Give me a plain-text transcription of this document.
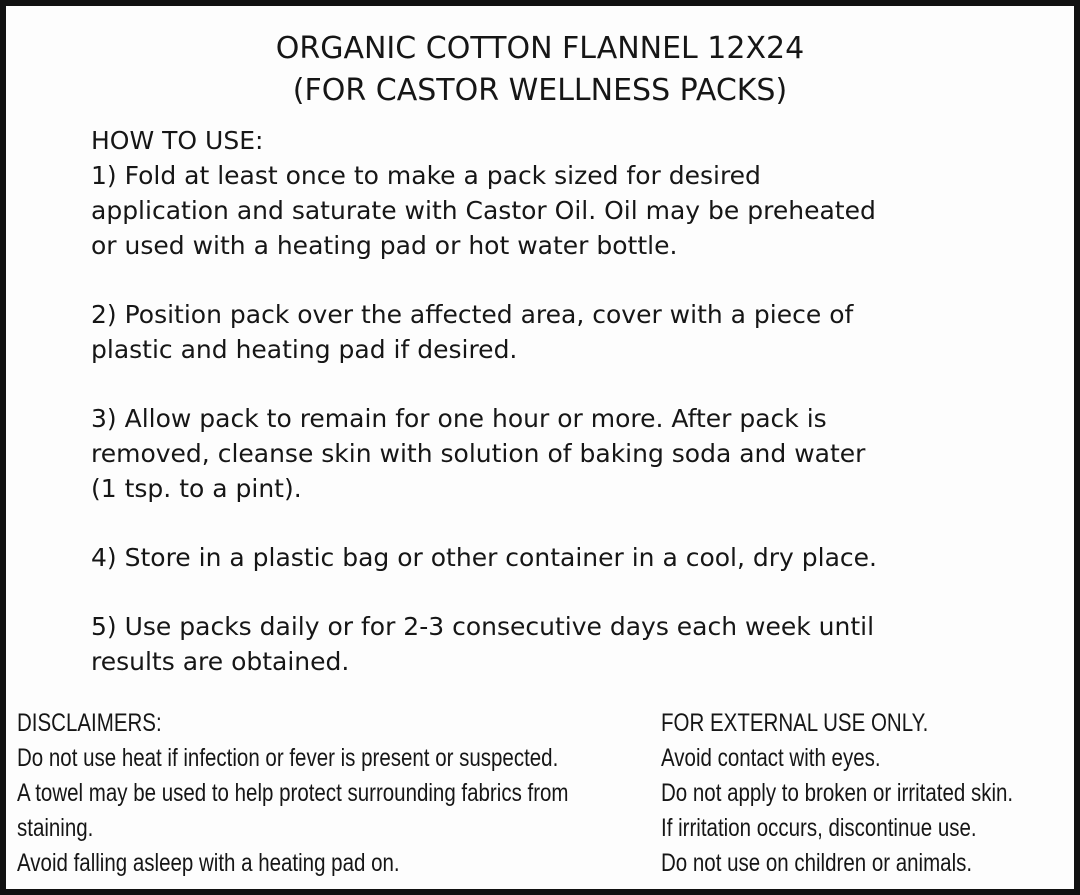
ORGANIC COTTON FLANNEL 12X24
(FOR CASTOR WELLNESS PACKS)
HOW TO USE:

1) Fold at least once to make a pack sized for desired
application and saturate with Castor Oil. Oil may be preheated
or used with a heating pad or hot water bottle.

2) Position pack over the affected area, cover with a piece of
plastic and heating pad if desired.

3) Allow pack to remain for one hour or more. After pack is
removed, cleanse skin with solution of baking soda and water
(1 tsp. to a pint).

4) Store in a plastic bag or other container in a cool, dry place.

5) Use packs daily or for 2-3 consecutive days each week until
results are obtained.

DISCLAIMERS:
Do not use heat if infection or fever is present or suspected.
A towel may be used to help protect surrounding fabrics from
staining.
Avoid falling asleep with a heating pad on.
FOR EXTERNAL USE ONLY.
Avoid contact with eyes.
Do not apply to broken or irritated skin.
If irritation occurs, discontinue use.
Do not use on children or animals.
